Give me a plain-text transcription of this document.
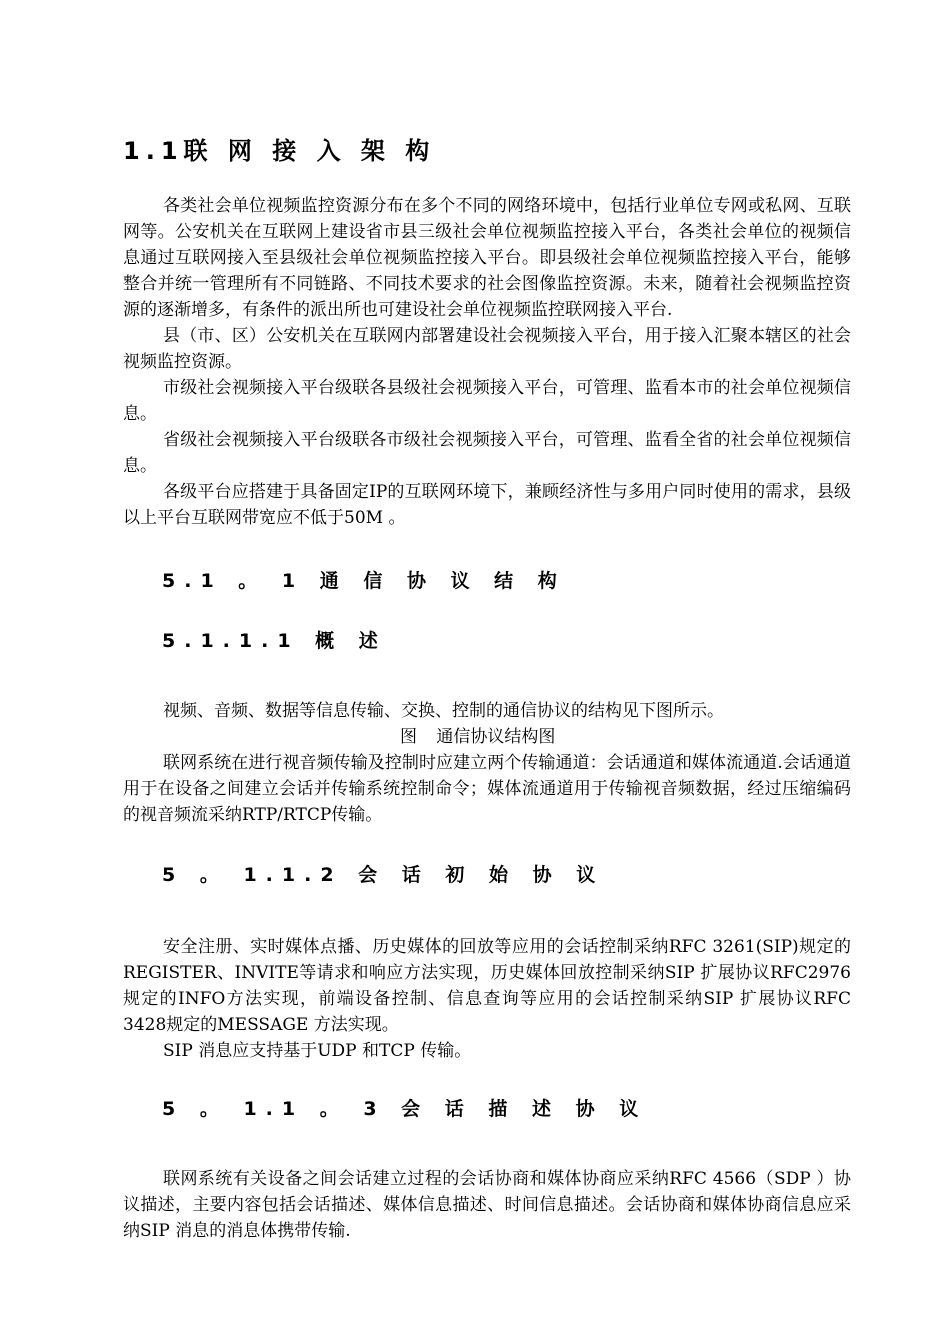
1.1联 网 接 入 架 构

各类社会单位视频监控资源分布在多个不同的网络环境中，包括行业单位专网或私网、互联网等。公安机关在互联网上建设省市县三级社会单位视频监控接入平台，各类社会单位的视频信息通过互联网接入至县级社会单位视频监控接入平台。即县级社会单位视频监控接入平台，能够整合并统一管理所有不同链路、不同技术要求的社会图像监控资源。未来，随着社会视频监控资源的逐渐增多，有条件的派出所也可建设社会单位视频监控联网接入平台.

县（市、区）公安机关在互联网内部署建设社会视频接入平台，用于接入汇聚本辖区的社会视频监控资源。

市级社会视频接入平台级联各县级社会视频接入平台，可管理、监看本市的社会单位视频信息。

省级社会视频接入平台级联各市级社会视频接入平台，可管理、监看全省的社会单位视频信息。

各级平台应搭建于具备固定IP的互联网环境下，兼顾经济性与多用户同时使用的需求，县级以上平台互联网带宽应不低于50M 。

5.1 。 1 通 信 协 议 结 构
5.1.1.1 概 述

视频、音频、数据等信息传输、交换、控制的通信协议的结构见下图所示。

图 通信协议结构图

联网系统在进行视音频传输及控制时应建立两个传输通道：会话通道和媒体流通道.会话通道用于在设备之间建立会话并传输系统控制命令；媒体流通道用于传输视音频数据，经过压缩编码的视音频流采纳RTP/RTCP传输。

5 。 1.1.2 会 话 初 始 协 议

安全注册、实时媒体点播、历史媒体的回放等应用的会话控制采纳RFC 3261(SIP)规定的REGISTER、INVITE等请求和响应方法实现，历史媒体回放控制采纳SIP 扩展协议RFC2976 规定的INFO方法实现，前端设备控制、信息查询等应用的会话控制采纳SIP 扩展协议RFC 3428规定的MESSAGE 方法实现。

SIP 消息应支持基于UDP 和TCP 传输。

5 。 1.1 。 3 会 话 描 述 协 议

联网系统有关设备之间会话建立过程的会话协商和媒体协商应采纳RFC 4566（SDP ）协议描述，主要内容包括会话描述、媒体信息描述、时间信息描述。会话协商和媒体协商信息应采纳SIP 消息的消息体携带传输.
